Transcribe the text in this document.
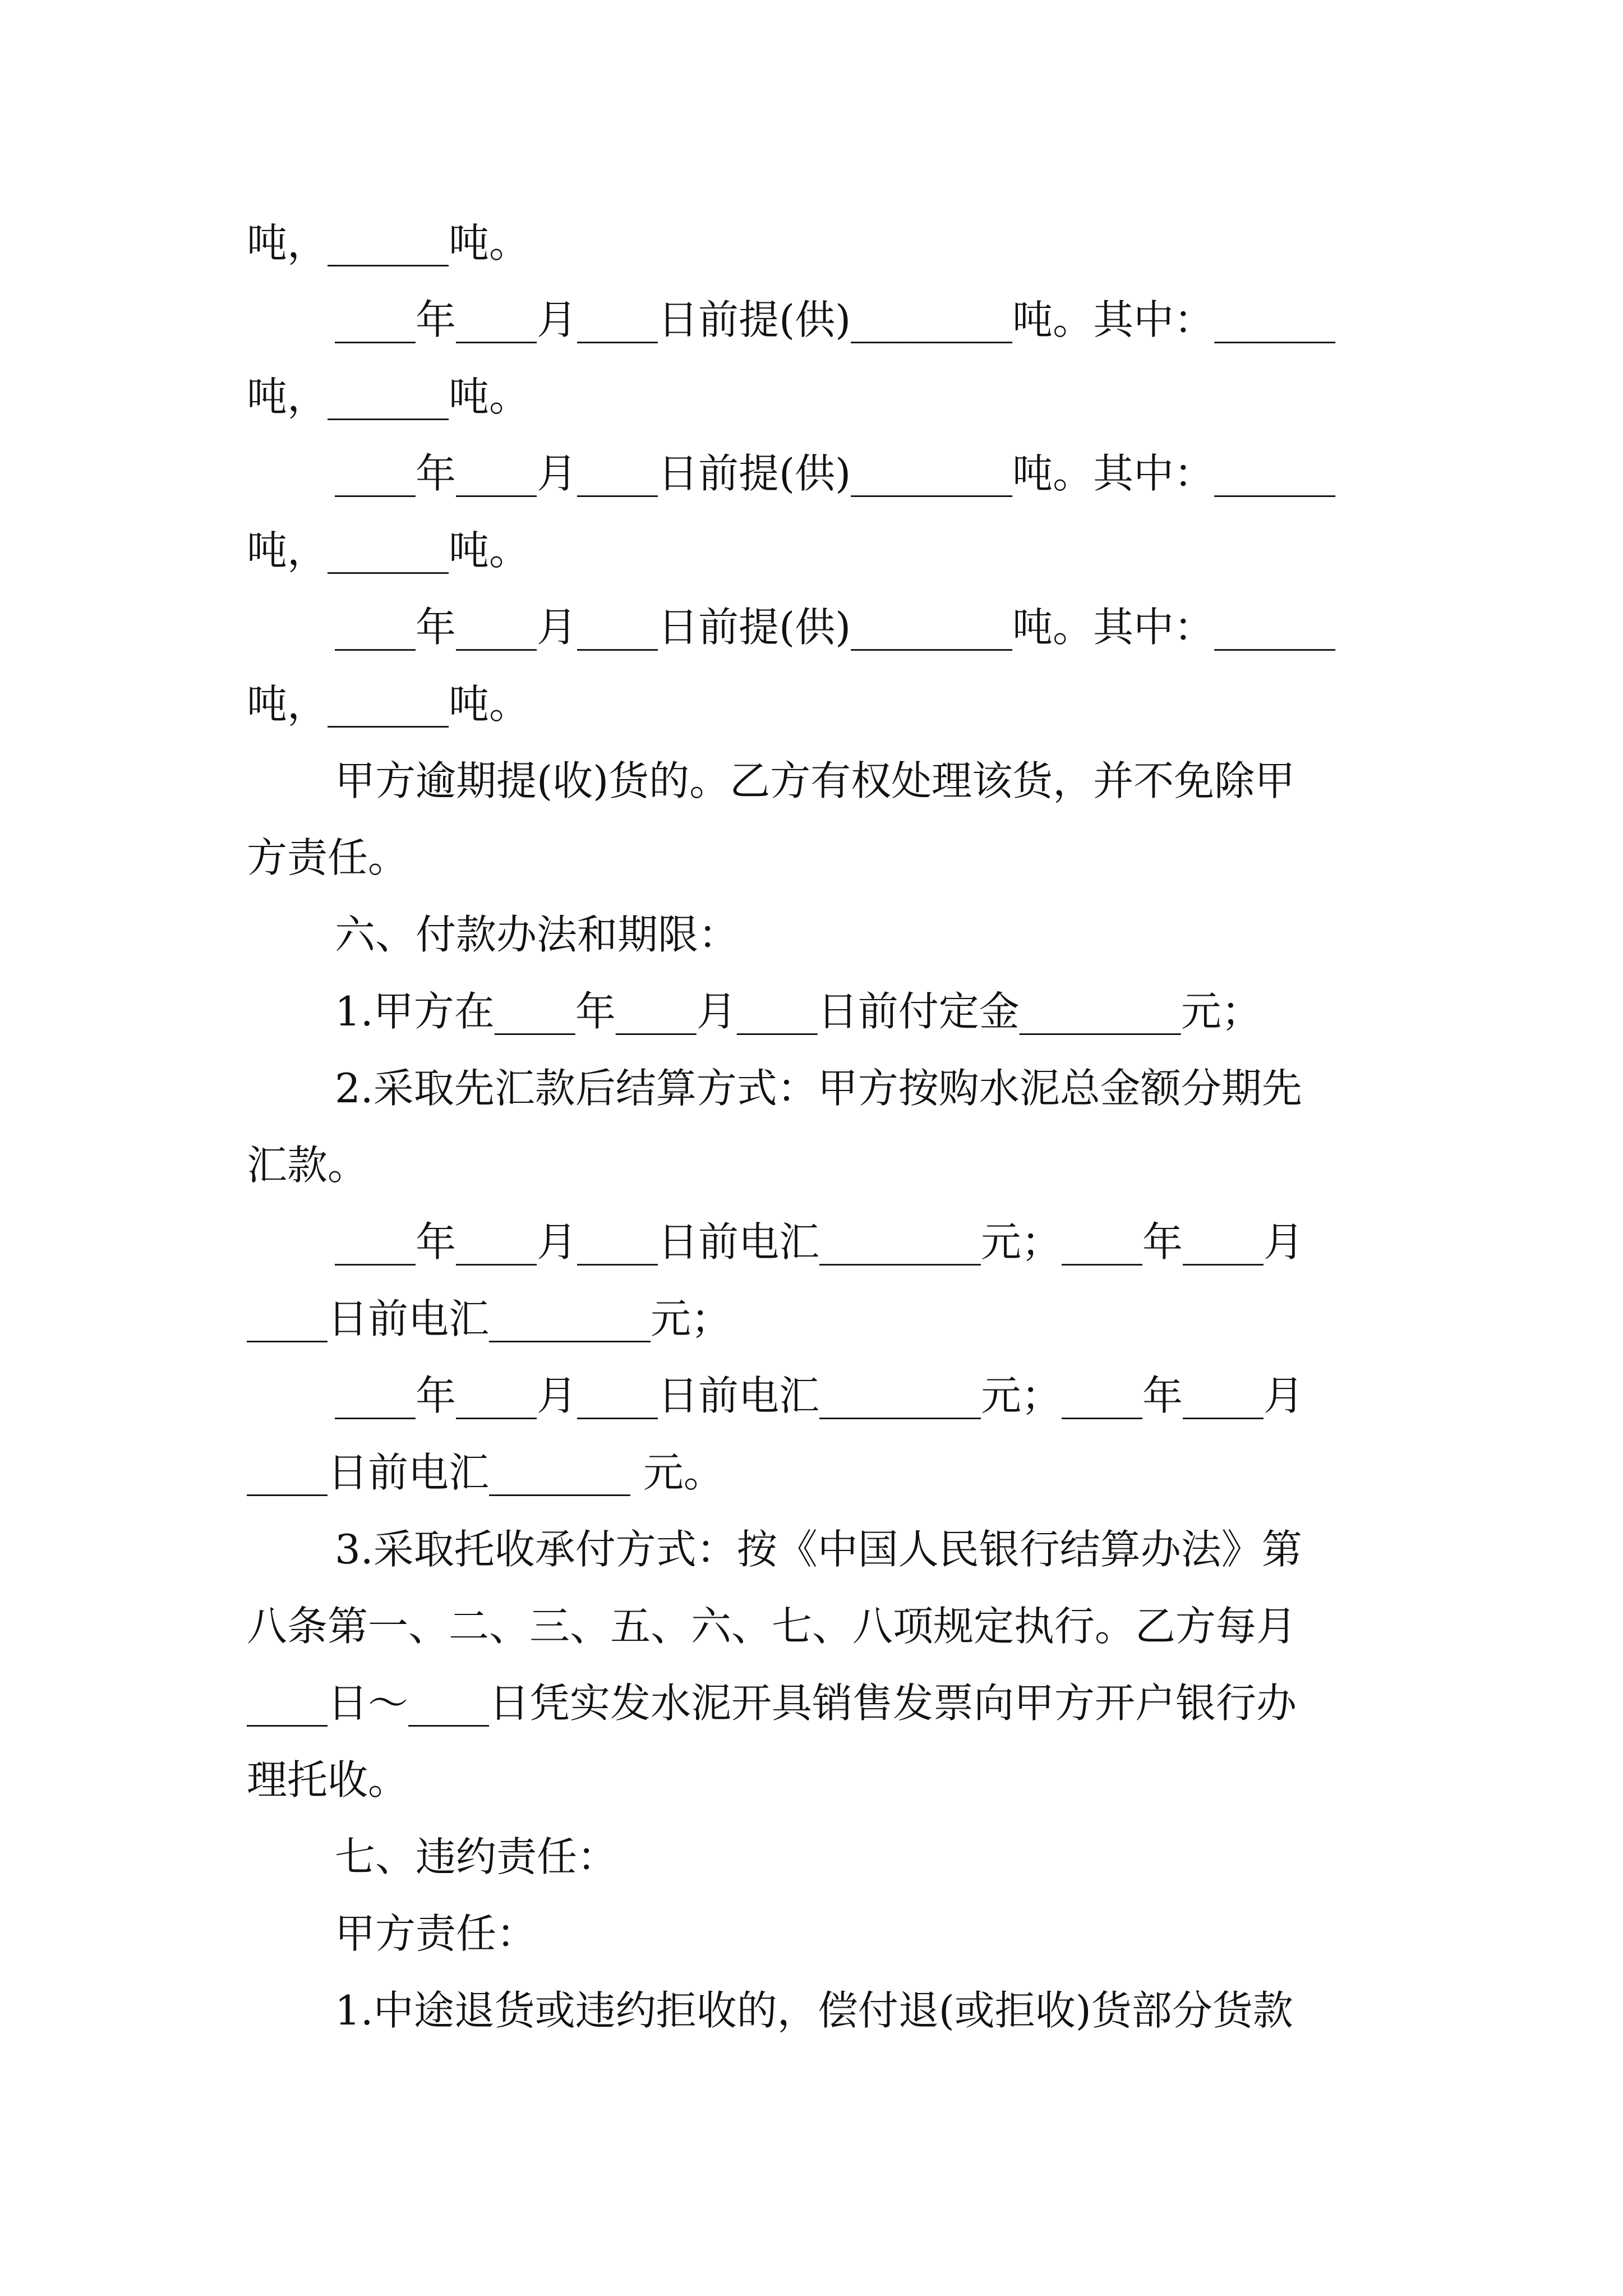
吨，______吨。
____年____月____日前提(供)________吨。其中：______
吨，______吨。
____年____月____日前提(供)________吨。其中：______
吨，______吨。
____年____月____日前提(供)________吨。其中：______
吨，______吨。
甲方逾期提(收)货的。乙方有权处理该货，并不免除甲
方责任。
六、付款办法和期限：
1.甲方在____年____月____日前付定金________元；
2.采取先汇款后结算方式：甲方按购水泥总金额分期先
汇款。
____年____月____日前电汇________元；____年____月
____日前电汇________元；
____年____月____日前电汇________元；____年____月
____日前电汇_______ 元。
3.采取托收承付方式：按《中国人民银行结算办法》第
八条第一、二、三、五、六、七、八项规定执行。乙方每月
____日～____日凭实发水泥开具销售发票向甲方开户银行办
理托收。
七、违约责任：
甲方责任：
1.中途退货或违约拒收的，偿付退(或拒收)货部分货款
